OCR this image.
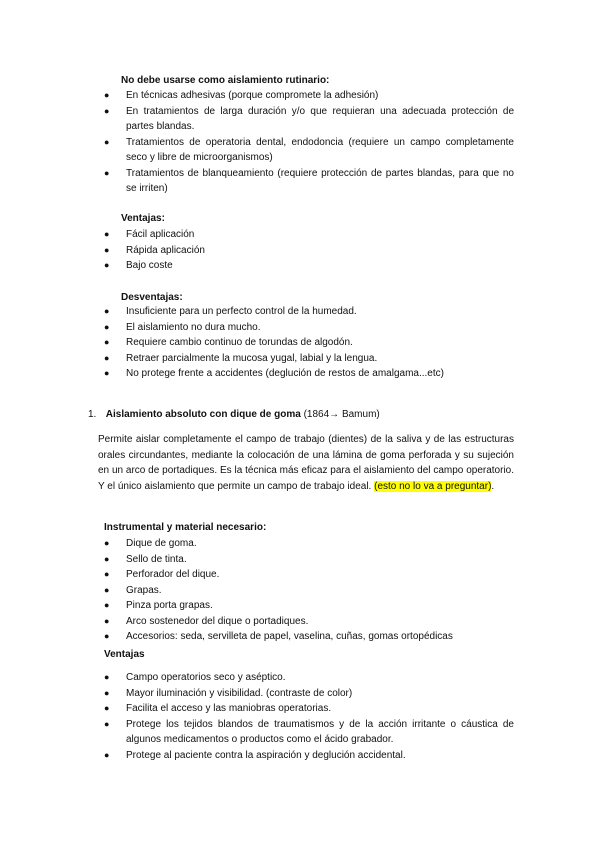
No debe usarse como aislamiento rutinario:
● En técnicas adhesivas (porque compromete la adhesión)
● En tratamientos de larga duración y/o que requieran una adecuada protección de partes blandas.
● Tratamientos de operatoria dental, endodoncia (requiere un campo completamente seco y libre de microorganismos)
● Tratamientos de blanqueamiento (requiere protección de partes blandas, para que no se irriten)
Ventajas:
● Fácil aplicación
● Rápida aplicación
● Bajo coste
Desventajas:
● Insuficiente para un perfecto control de la humedad.
● El aislamiento no dura mucho.
● Requiere cambio continuo de torundas de algodón.
● Retraer parcialmente la mucosa yugal, labial y la lengua.
● No protege frente a accidentes (deglución de restos de amalgama...etc)
1. Aislamiento absoluto con dique de goma (1864→ Bamum)

Permite aislar completamente el campo de trabajo (dientes) de la saliva y de las estructuras orales circundantes, mediante la colocación de una lámina de goma perforada y su sujeción en un arco de portadiques. Es la técnica más eficaz para el aislamiento del campo operatorio. Y el único aislamiento que permite un campo de trabajo ideal. (esto no lo va a preguntar).

Instrumental y material necesario:
● Dique de goma.
● Sello de tinta.
● Perforador del dique.
● Grapas.
● Pinza porta grapas.
● Arco sostenedor del dique o portadiques.
● Accesorios: seda, servilleta de papel, vaselina, cuñas, gomas ortopédicas
Ventajas
● Campo operatorios seco y aséptico.
● Mayor iluminación y visibilidad. (contraste de color)
● Facilita el acceso y las maniobras operatorias.
● Protege los tejidos blandos de traumatismos y de la acción irritante o cáustica de algunos medicamentos o productos como el ácido grabador.
● Protege al paciente contra la aspiración y deglución accidental.
